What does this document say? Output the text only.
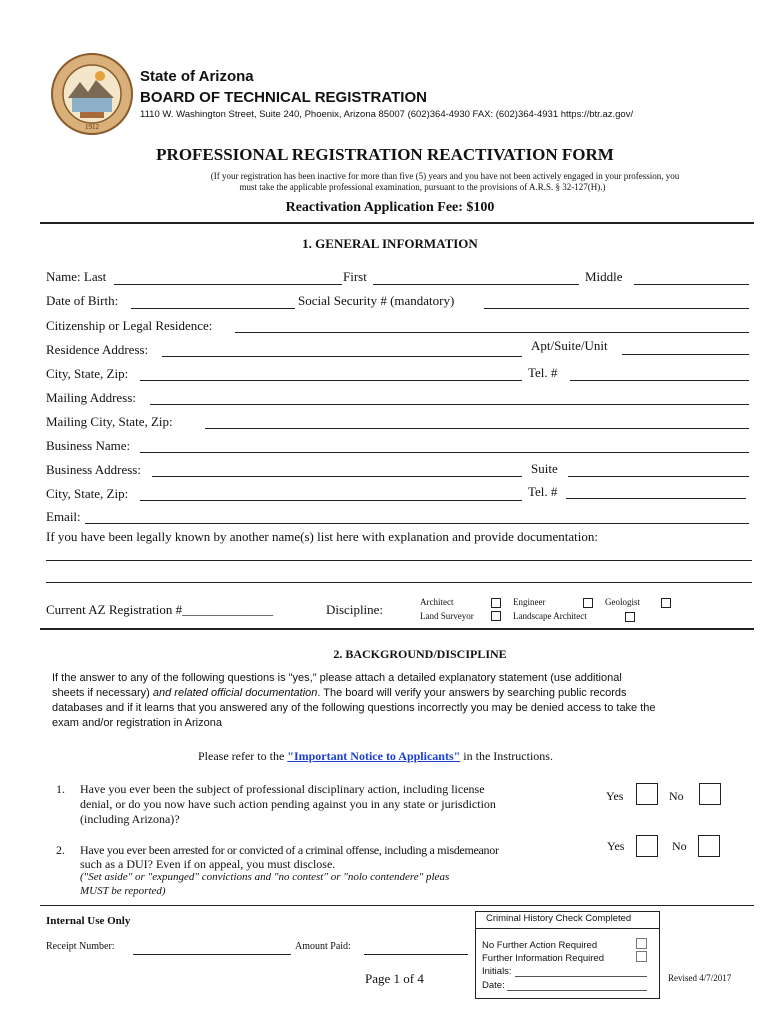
1912
State of Arizona
BOARD OF TECHNICAL REGISTRATION
1110 W. Washington Street, Suite 240, Phoenix, Arizona 85007 (602)364-4930 FAX: (602)364-4931 https://btr.az.gov/
PROFESSIONAL REGISTRATION REACTIVATION FORM
(If your registration has been inactive for more than five (5) years and you have not been actively engaged in your profession, you
must take the applicable professional examination, pursuant to the provisions of A.R.S. § 32-127(H).)
Reactivation Application Fee: $100
1. GENERAL INFORMATION
Name: Last	First	Middle
Date of Birth:	Social Security # (mandatory)
Citizenship or Legal Residence:
Residence Address:	Apt/Suite/Unit
City, State, Zip:	Tel. #
Mailing Address:
Mailing City, State, Zip:
Business Name:
Business Address:	Suite
City, State, Zip:	Tel. #
Email:
If you have been legally known by another name(s) list here with explanation and provide documentation:
Current AZ Registration #______________	Discipline:	Architect	Engineer	Geologist
Land Surveyor	Landscape Architect
2. BACKGROUND/DISCIPLINE
If the answer to any of the following questions is "yes," please attach a detailed explanatory statement (use additional
sheets if necessary) and related official documentation. The board will verify your answers by searching public records
databases and if it learns that you answered any of the following questions incorrectly you may be denied access to take the
exam and/or registration in Arizona
Please refer to the "Important Notice to Applicants" in the Instructions.
1. Have you ever been the subject of professional disciplinary action, including license
denial, or do you now have such action pending against you in any state or jurisdiction
(including Arizona)?
Yes	No
2. Have you ever been arrested for or convicted of a criminal offense, including a misdemeanor
such as a DUI? Even if on appeal, you must disclose.
("Set aside" or "expunged" convictions and "no contest" or "nolo contendere" pleas
MUST be reported)
Yes	No
Internal Use Only
Receipt Number:	Amount Paid:
Page 1 of 4	Revised 4/7/2017
Criminal History Check Completed
No Further Action Required
Further Information Required
Initials:
Date:
